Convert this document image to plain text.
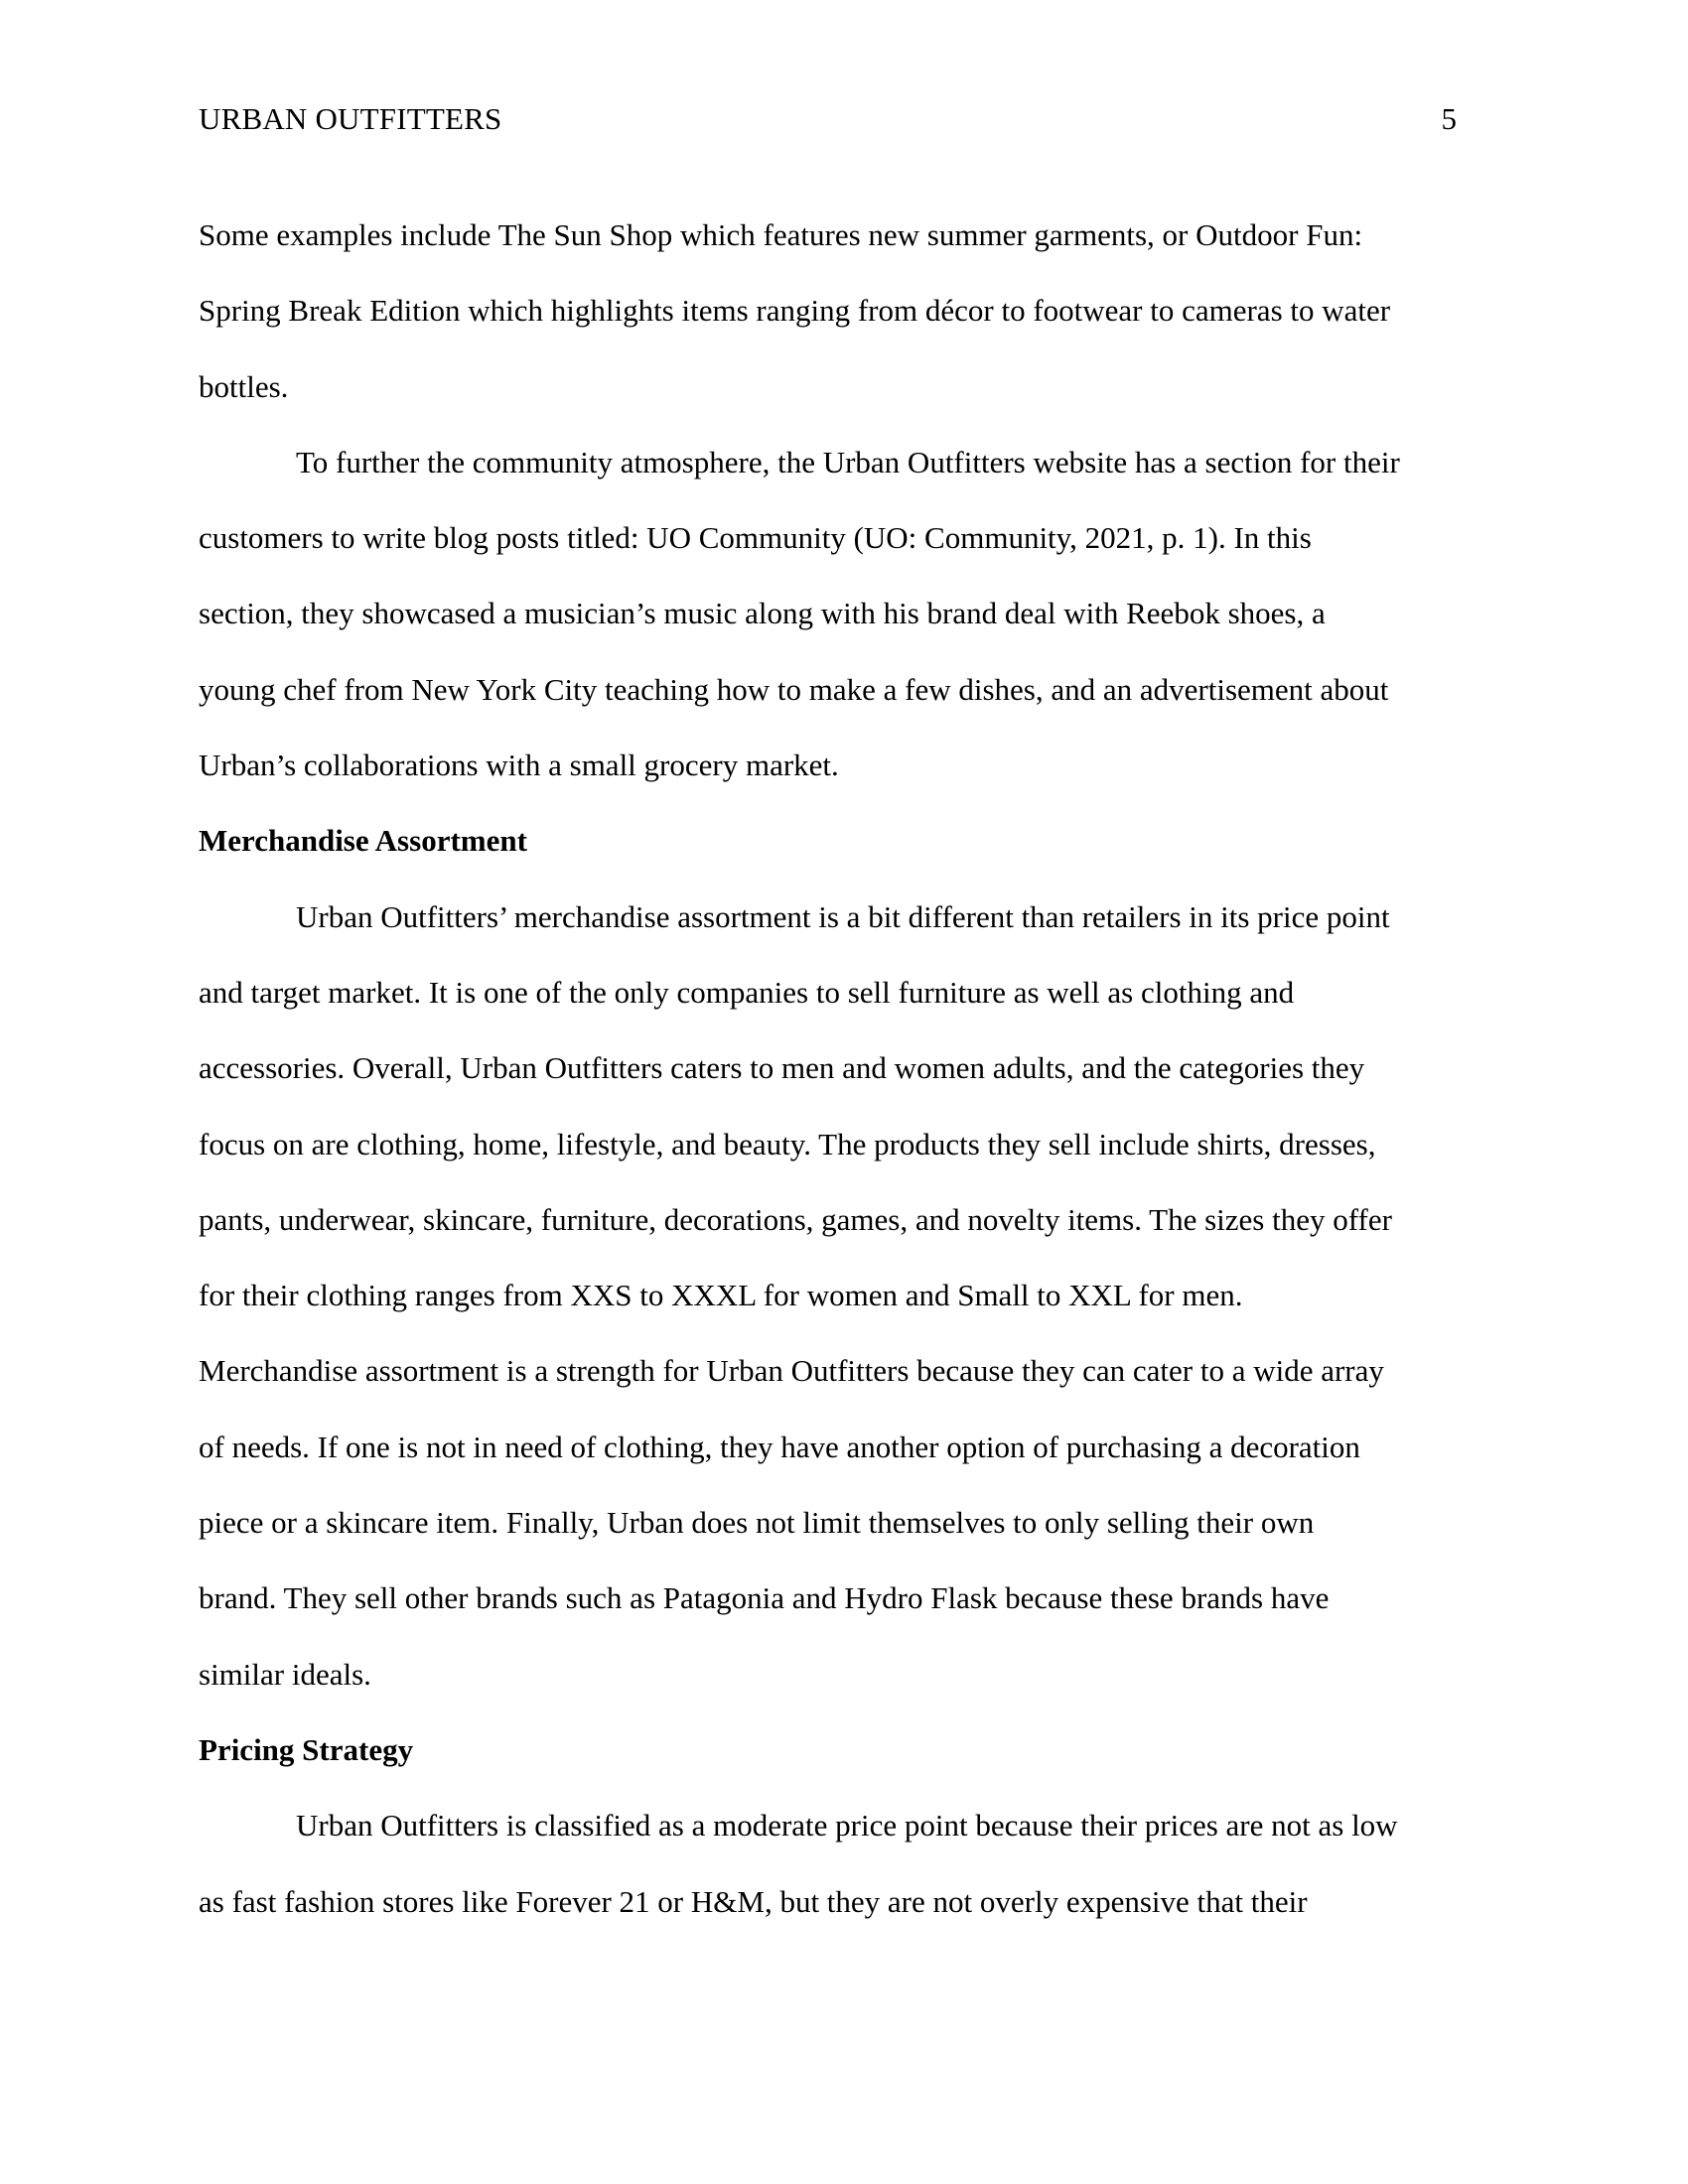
URBAN OUTFITTERS	5
Some examples include The Sun Shop which features new summer garments, or Outdoor Fun:
Spring Break Edition which highlights items ranging from décor to footwear to cameras to water
bottles.
To further the community atmosphere, the Urban Outfitters website has a section for their
customers to write blog posts titled: UO Community (UO: Community, 2021, p. 1). In this
section, they showcased a musician’s music along with his brand deal with Reebok shoes, a
young chef from New York City teaching how to make a few dishes, and an advertisement about
Urban’s collaborations with a small grocery market.
Merchandise Assortment
Urban Outfitters’ merchandise assortment is a bit different than retailers in its price point
and target market. It is one of the only companies to sell furniture as well as clothing and
accessories. Overall, Urban Outfitters caters to men and women adults, and the categories they
focus on are clothing, home, lifestyle, and beauty. The products they sell include shirts, dresses,
pants, underwear, skincare, furniture, decorations, games, and novelty items. The sizes they offer
for their clothing ranges from XXS to XXXL for women and Small to XXL for men.
Merchandise assortment is a strength for Urban Outfitters because they can cater to a wide array
of needs. If one is not in need of clothing, they have another option of purchasing a decoration
piece or a skincare item. Finally, Urban does not limit themselves to only selling their own
brand. They sell other brands such as Patagonia and Hydro Flask because these brands have
similar ideals.
Pricing Strategy
Urban Outfitters is classified as a moderate price point because their prices are not as low
as fast fashion stores like Forever 21 or H&M, but they are not overly expensive that their
